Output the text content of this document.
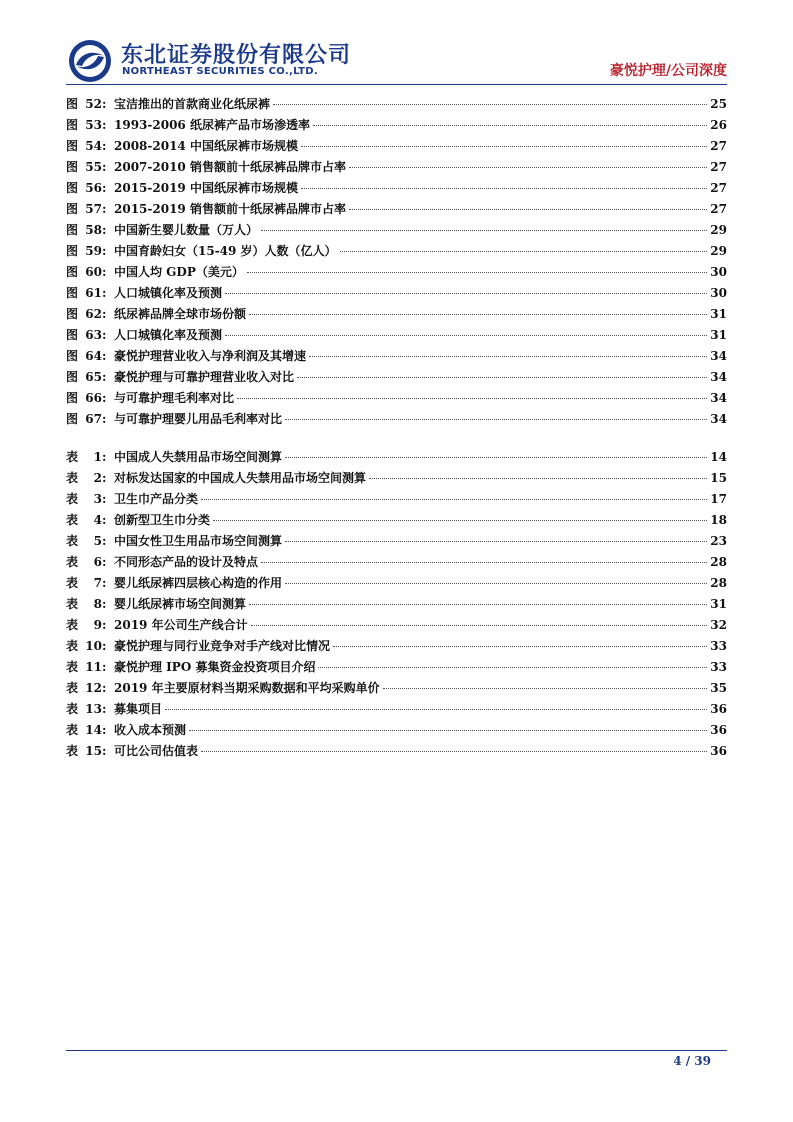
东北证券股份有限公司
NORTHEAST SECURITIES CO.,LTD.	豪悦护理/公司深度
图 52 : 宝洁推出的首款商业化纸尿裤	25
图 53 : 1993-2006 纸尿裤产品市场渗透率	26
图 54 : 2008-2014 中国纸尿裤市场规模	27
图 55 : 2007-2010 销售额前十纸尿裤品牌市占率	27
图 56 : 2015-2019 中国纸尿裤市场规模	27
图 57 : 2015-2019 销售额前十纸尿裤品牌市占率	27
图 58 : 中国新生婴儿数量（万人）	29
图 59 : 中国育龄妇女（15-49 岁）人数（亿人）	29
图 60 : 中国人均 GDP（美元）	30
图 61 : 人口城镇化率及预测	30
图 62 : 纸尿裤品牌全球市场份额	31
图 63 : 人口城镇化率及预测	31
图 64 : 豪悦护理营业收入与净利润及其增速	34
图 65 : 豪悦护理与可靠护理营业收入对比	34
图 66 : 与可靠护理毛利率对比	34
图 67 : 与可靠护理婴儿用品毛利率对比	34
表	1 : 中国成人失禁用品市场空间测算	14
表	2 : 对标发达国家的中国成人失禁用品市场空间测算	15
表	3 : 卫生巾产品分类	17
表	4 : 创新型卫生巾分类	18
表	5 : 中国女性卫生用品市场空间测算	23
表	6 : 不同形态产品的设计及特点	28
表	7 : 婴儿纸尿裤四层核心构造的作用	28
表	8 : 婴儿纸尿裤市场空间测算	31
表	9 : 2019 年公司生产线合计	32
表 10 : 豪悦护理与同行业竞争对手产线对比情况	33
表 11 : 豪悦护理 IPO 募集资金投资项目介绍	33
表 12 : 2019 年主要原材料当期采购数据和平均采购单价	35
表 13 : 募集项目	36
表 14 : 收入成本预测	36
表 15 : 可比公司估值表	36
4 / 39
